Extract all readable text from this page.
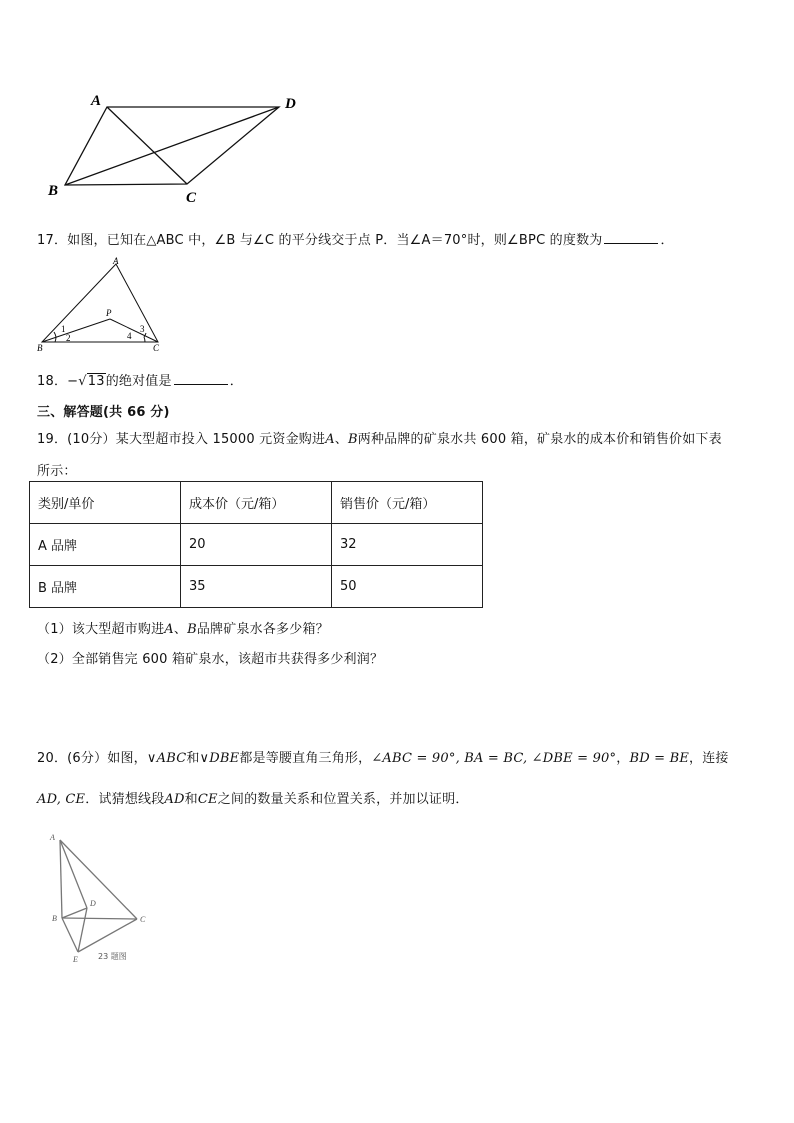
A	D
B	C
17．如图，已知在△ABC 中，∠B 与∠C 的平分线交于点 P．当∠A＝70°时，则∠BPC 的度数为	．
A
P
B	C
1
2
3
4
18．−√13的绝对值是	．
三、解答题(共 66 分)
19．(10分）某大型超市投入 15000 元资金购进A、B两种品牌的矿泉水共 600 箱，矿泉水的成本价和销售价如下表
所示：
类别/单价	成本价（元/箱）	销售价（元/箱）
A 品牌	20	32
B 品牌	35	50
（1）该大型超市购进A、B品牌矿泉水各多少箱？
（2）全部销售完 600 箱矿泉水，该超市共获得多少利润？
20．(6分）如图，∨ABC和∨DBE都是等腰直角三角形，∠ABC = 90°, BA = BC, ∠DBE = 90°，BD = BE，连接
AD, CE．试猜想线段AD和CE之间的数量关系和位置关系，并加以证明．
A
D
B	C
E	23 题图
